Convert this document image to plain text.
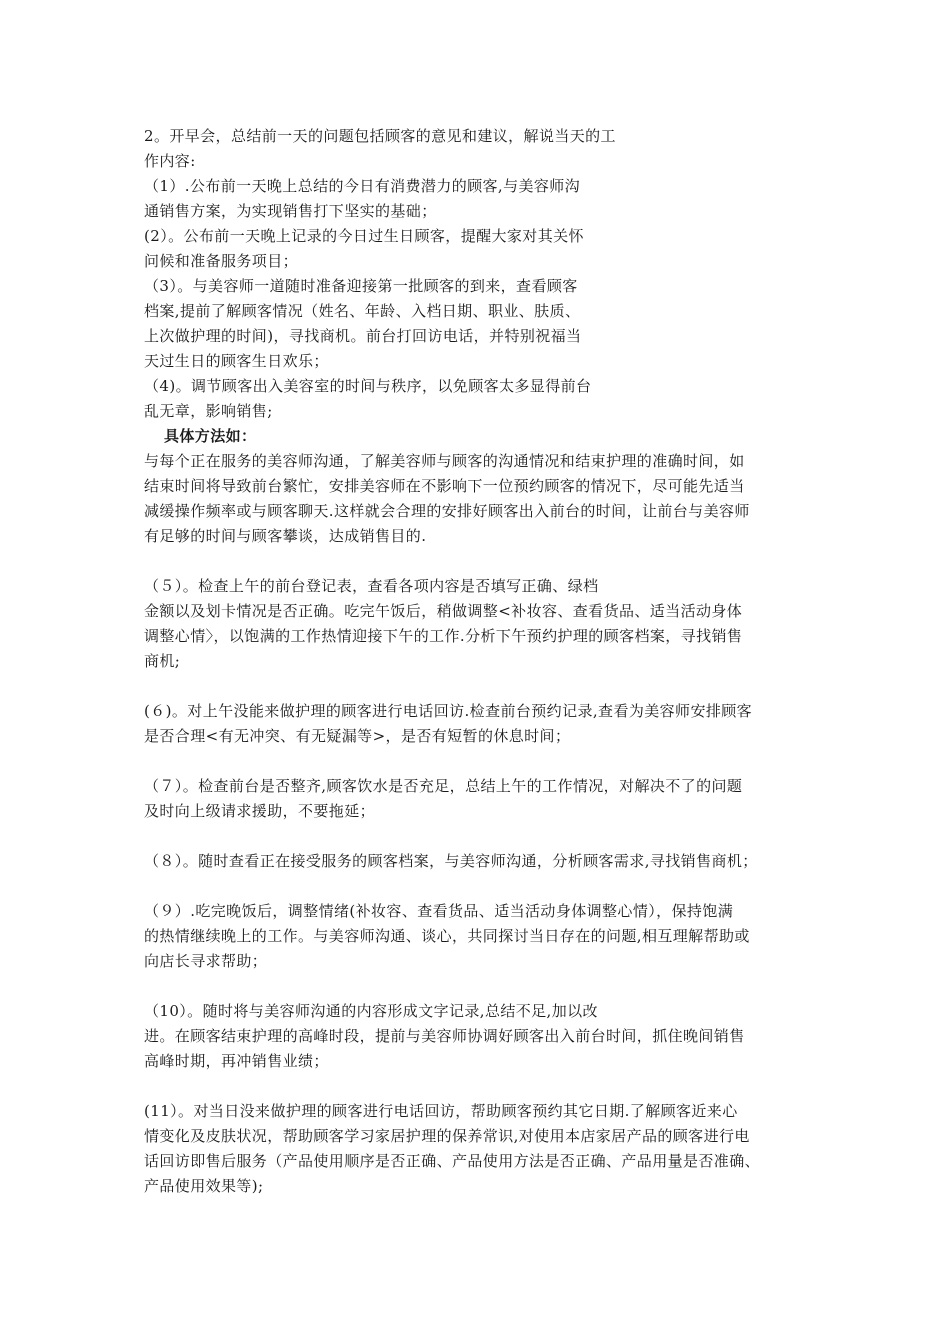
2。开早会，总结前一天的问题包括顾客的意见和建议，解说当天的工
作内容:
（1）.公布前一天晚上总结的今日有消费潜力的顾客,与美容师沟
通销售方案，为实现销售打下坚实的基础；
(2）。公布前一天晚上记录的今日过生日顾客，提醒大家对其关怀
问候和准备服务项目；
（3）。与美容师一道随时准备迎接第一批顾客的到来，查看顾客
档案,提前了解顾客情况（姓名、年龄、入档日期、职业、肤质、
上次做护理的时间)，寻找商机。前台打回访电话，并特别祝福当
天过生日的顾客生日欢乐；
（4)。调节顾客出入美容室的时间与秩序，以免顾客太多显得前台
乱无章，影响销售;
具体方法如：
与每个正在服务的美容师沟通，了解美容师与顾客的沟通情况和结束护理的准确时间，如
结束时间将导致前台繁忙，安排美容师在不影响下一位预约顾客的情况下，尽可能先适当
减缓操作频率或与顾客聊天.这样就会合理的安排好顾客出入前台的时间，让前台与美容师
有足够的时间与顾客攀谈，达成销售目的.
（５）。检查上午的前台登记表，查看各项内容是否填写正确、绿档
金额以及划卡情况是否正确。吃完午饭后，稍做调整<补妆容、查看货品、适当活动身体
调整心情〉，以饱满的工作热情迎接下午的工作.分析下午预约护理的顾客档案，寻找销售
商机;
(６)。对上午没能来做护理的顾客进行电话回访.检查前台预约记录,查看为美容师安排顾客
是否合理<有无冲突、有无疑漏等>，是否有短暂的休息时间；
（７）。检查前台是否整齐,顾客饮水是否充足，总结上午的工作情况，对解决不了的问题
及时向上级请求援助，不要拖延；
（８）。随时查看正在接受服务的顾客档案，与美容师沟通，分析顾客需求,寻找销售商机；
（９）.吃完晚饭后，调整情绪(补妆容、查看货品、适当活动身体调整心情），保持饱满
的热情继续晚上的工作。与美容师沟通、谈心，共同探讨当日存在的问题,相互理解帮助或
向店长寻求帮助；
（10）。随时将与美容师沟通的内容形成文字记录,总结不足,加以改
进。在顾客结束护理的高峰时段，提前与美容师协调好顾客出入前台时间，抓住晚间销售
高峰时期，再冲销售业绩；
(11）。对当日没来做护理的顾客进行电话回访，帮助顾客预约其它日期.了解顾客近来心
情变化及皮肤状况，帮助顾客学习家居护理的保养常识,对使用本店家居产品的顾客进行电
话回访即售后服务（产品使用顺序是否正确、产品使用方法是否正确、产品用量是否准确、
产品使用效果等);
